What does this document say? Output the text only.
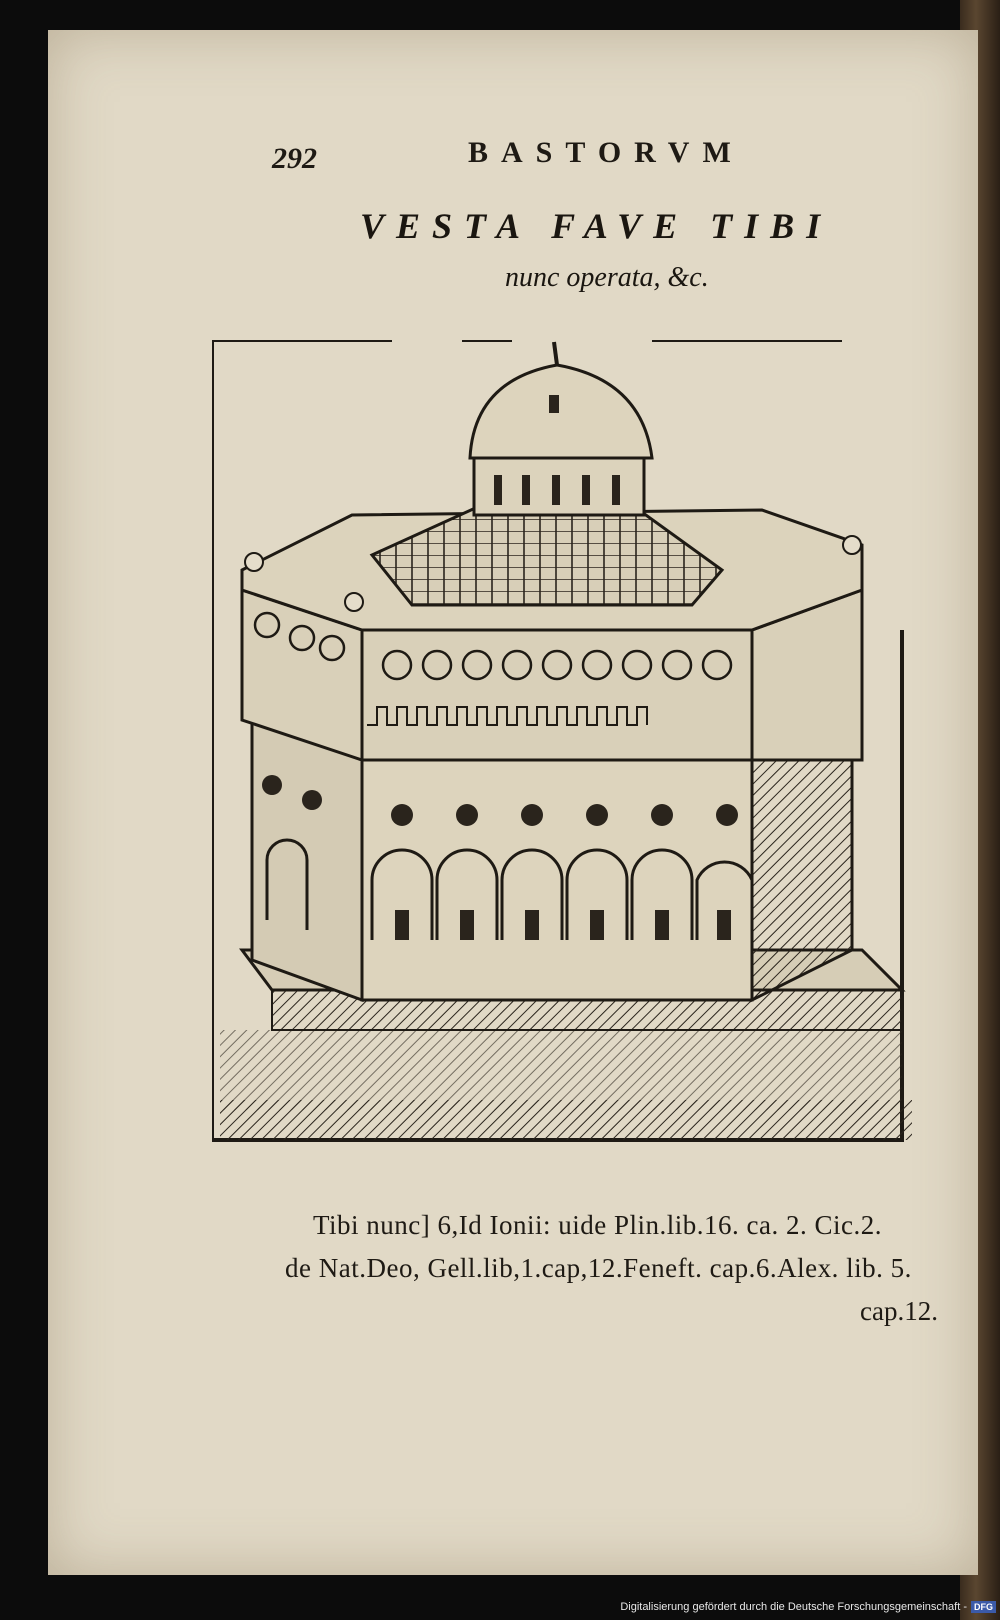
292	BASTORVM
VESTA FAVE TIBI
nunc operata, &c.
Tibi nunc] 6,Id Ionii: uide Plin.lib.16. ca. 2. Cic.2.
de Nat.Deo, Gell.lib,1.cap,12.Feneft. cap.6.Alex. lib. 5.
cap.12.
Digitalisierung gefördert durch die Deutsche Forschungsgemeinschaft - DFG
